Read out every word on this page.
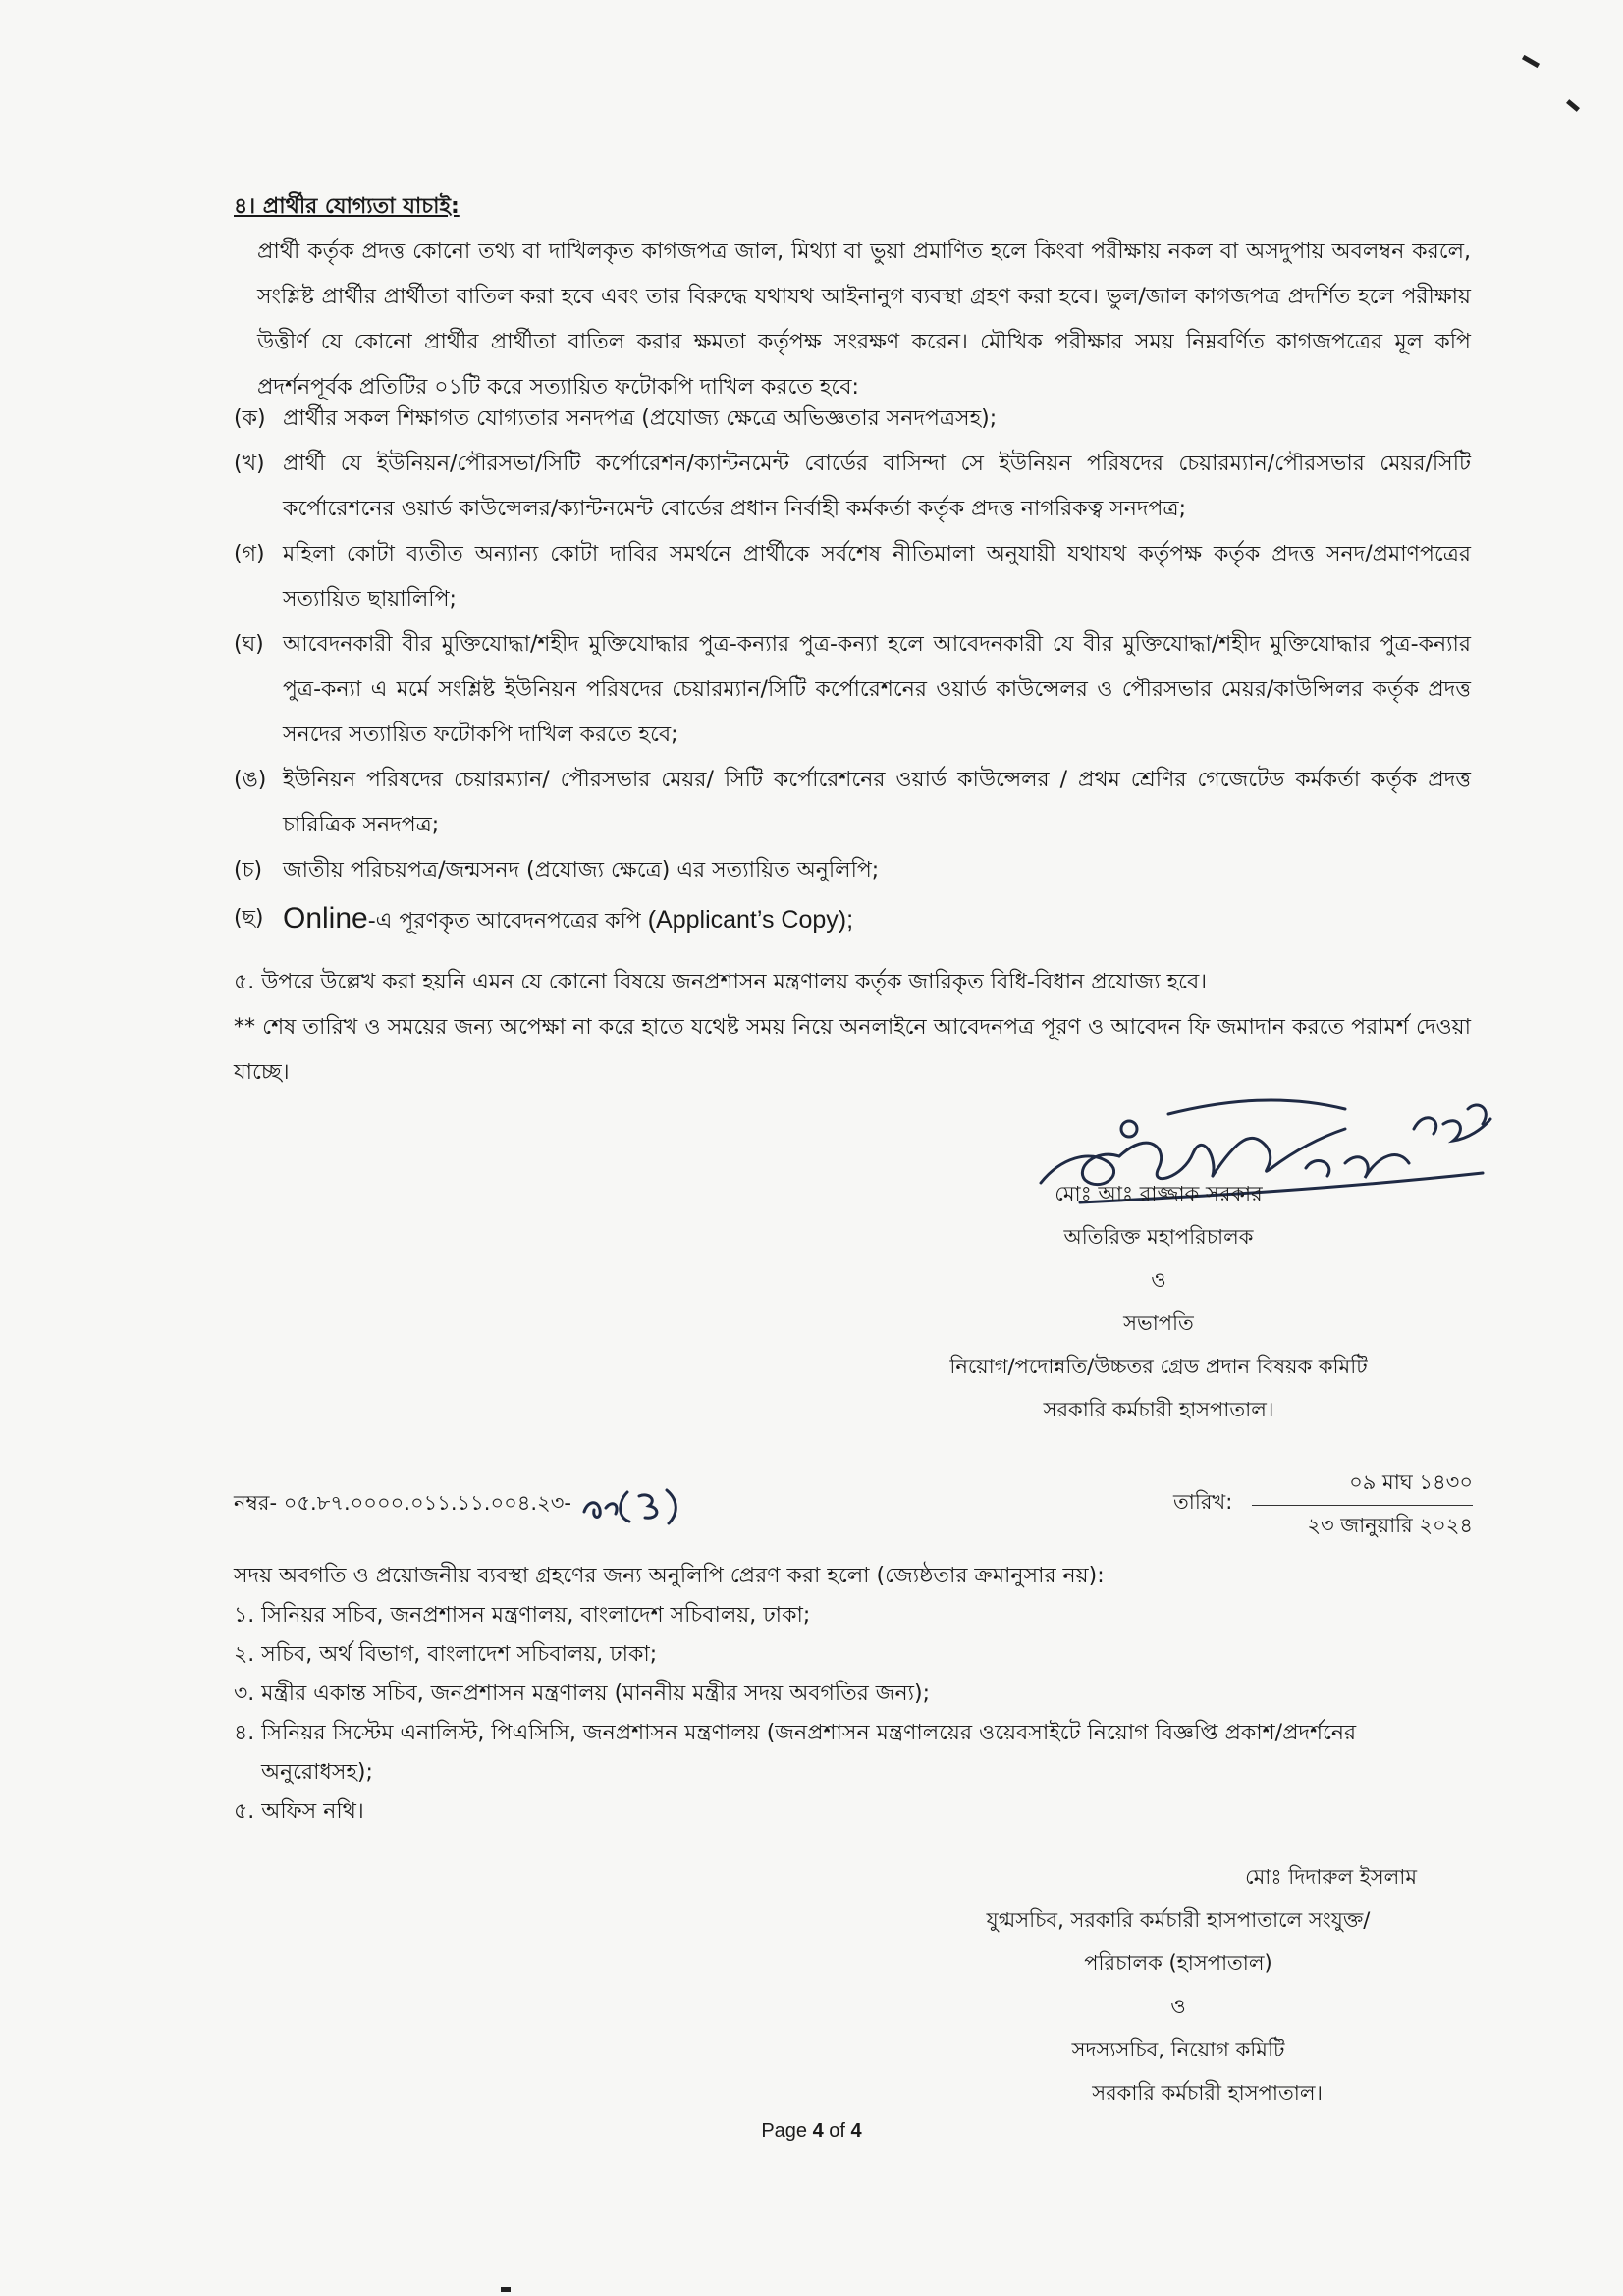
৪। প্রার্থীর যোগ্যতা যাচাই:
প্রার্থী কর্তৃক প্রদত্ত কোনো তথ্য বা দাখিলকৃত কাগজপত্র জাল, মিথ্যা বা ভুয়া প্রমাণিত হলে কিংবা পরীক্ষায় নকল বা অসদুপায় অবলম্বন করলে, সংশ্লিষ্ট প্রার্থীর প্রার্থীতা বাতিল করা হবে এবং তার বিরুদ্ধে যথাযথ আইনানুগ ব্যবস্থা গ্রহণ করা হবে। ভুল/জাল কাগজপত্র প্রদর্শিত হলে পরীক্ষায় উত্তীর্ণ যে কোনো প্রার্থীর প্রার্থীতা বাতিল করার ক্ষমতা কর্তৃপক্ষ সংরক্ষণ করেন। মৌখিক পরীক্ষার সময় নিম্নবর্ণিত কাগজপত্রের মূল কপি প্রদর্শনপূর্বক প্রতিটির ০১টি করে সত্যায়িত ফটোকপি দাখিল করতে হবে:
(ক) প্রার্থীর সকল শিক্ষাগত যোগ্যতার সনদপত্র (প্রযোজ্য ক্ষেত্রে অভিজ্ঞতার সনদপত্রসহ);
(খ) প্রার্থী যে ইউনিয়ন/পৌরসভা/সিটি কর্পোরেশন/ক্যান্টনমেন্ট বোর্ডের বাসিন্দা সে ইউনিয়ন পরিষদের চেয়ারম্যান/পৌরসভার মেয়র/সিটি কর্পোরেশনের ওয়ার্ড কাউন্সেলর/ক্যান্টনমেন্ট বোর্ডের প্রধান নির্বাহী কর্মকর্তা কর্তৃক প্রদত্ত নাগরিকত্ব সনদপত্র;
(গ) মহিলা কোটা ব্যতীত অন্যান্য কোটা দাবির সমর্থনে প্রার্থীকে সর্বশেষ নীতিমালা অনুযায়ী যথাযথ কর্তৃপক্ষ কর্তৃক প্রদত্ত সনদ/প্রমাণপত্রের সত্যায়িত ছায়ালিপি;
(ঘ) আবেদনকারী বীর মুক্তিযোদ্ধা/শহীদ মুক্তিযোদ্ধার পুত্র-কন্যার পুত্র-কন্যা হলে আবেদনকারী যে বীর মুক্তিযোদ্ধা/শহীদ মুক্তিযোদ্ধার পুত্র-কন্যার পুত্র-কন্যা এ মর্মে সংশ্লিষ্ট ইউনিয়ন পরিষদের চেয়ারম্যান/সিটি কর্পোরেশনের ওয়ার্ড কাউন্সেলর ও পৌরসভার মেয়র/কাউন্সিলর কর্তৃক প্রদত্ত সনদের সত্যায়িত ফটোকপি দাখিল করতে হবে;
(ঙ) ইউনিয়ন পরিষদের চেয়ারম্যান/ পৌরসভার মেয়র/ সিটি কর্পোরেশনের ওয়ার্ড কাউন্সেলর / প্রথম শ্রেণির গেজেটেড কর্মকর্তা কর্তৃক প্রদত্ত চারিত্রিক সনদপত্র;
(চ) জাতীয় পরিচয়পত্র/জন্মসনদ (প্রযোজ্য ক্ষেত্রে) এর সত্যায়িত অনুলিপি;
(ছ) Online-এ পূরণকৃত আবেদনপত্রের কপি (Applicant’s Copy);
৫. উপরে উল্লেখ করা হয়নি এমন যে কোনো বিষয়ে জনপ্রশাসন মন্ত্রণালয় কর্তৃক জারিকৃত বিধি-বিধান প্রযোজ্য হবে।
** শেষ তারিখ ও সময়ের জন্য অপেক্ষা না করে হাতে যথেষ্ট সময় নিয়ে অনলাইনে আবেদনপত্র পূরণ ও আবেদন ফি জমাদান করতে পরামর্শ দেওয়া যাচ্ছে।
মোঃ আঃ রাজ্জাক সরকার
অতিরিক্ত মহাপরিচালক
ও
সভাপতি
নিয়োগ/পদোন্নতি/উচ্চতর গ্রেড প্রদান বিষয়ক কমিটি
সরকারি কর্মচারী হাসপাতাল।
নম্বর- ০৫.৮৭.০০০০.০১১.১১.০০৪.২৩-	তারিখ:
০৯ মাঘ ১৪৩০
২৩ জানুয়ারি ২০২৪
সদয় অবগতি ও প্রয়োজনীয় ব্যবস্থা গ্রহণের জন্য অনুলিপি প্রেরণ করা হলো (জ্যেষ্ঠতার ক্রমানুসার নয়):
১. সিনিয়র সচিব, জনপ্রশাসন মন্ত্রণালয়, বাংলাদেশ সচিবালয়, ঢাকা;
২. সচিব, অর্থ বিভাগ, বাংলাদেশ সচিবালয়, ঢাকা;
৩. মন্ত্রীর একান্ত সচিব, জনপ্রশাসন মন্ত্রণালয় (মাননীয় মন্ত্রীর সদয় অবগতির জন্য);
৪. সিনিয়র সিস্টেম এনালিস্ট, পিএসিসি, জনপ্রশাসন মন্ত্রণালয় (জনপ্রশাসন মন্ত্রণালয়ের ওয়েবসাইটে নিয়োগ বিজ্ঞপ্তি প্রকাশ/প্রদর্শনের অনুরোধসহ);
৫. অফিস নথি।
মোঃ দিদারুল ইসলাম
যুগ্মসচিব, সরকারি কর্মচারী হাসপাতালে সংযুক্ত/
পরিচালক (হাসপাতাল)
ও
সদস্যসচিব, নিয়োগ কমিটি
সরকারি কর্মচারী হাসপাতাল।
Page 4 of 4
